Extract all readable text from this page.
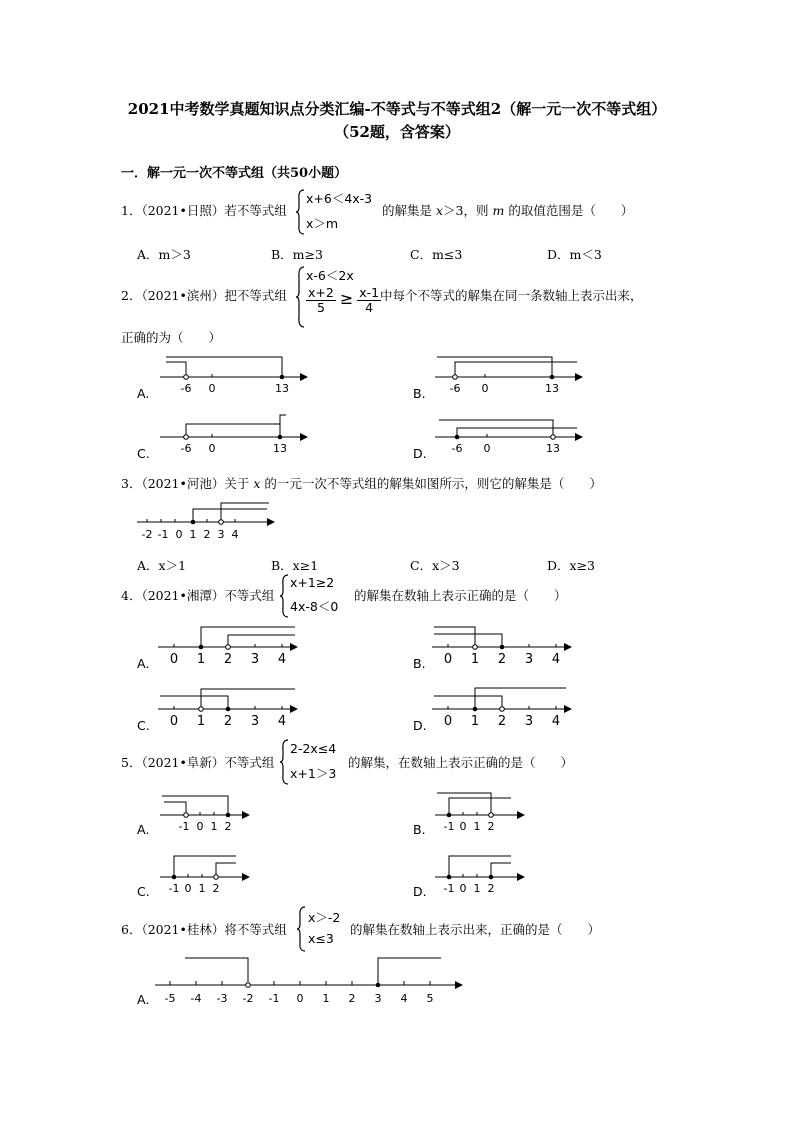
2021中考数学真题知识点分类汇编-不等式与不等式组2（解一元一次不等式组）
（52题，含答案）
一．解一元一次不等式组（共50小题）
1．（2021•日照）若不等式组
x+6＜4x-3
x＞m
的解集是 x＞3，则 m 的取值范围是（　　）
A．m＞3	B．m≥3	C．m≤3	D．m＜3
2．（2021•滨州）把不等式组
x-6＜2x
$\frac{x+2}{5} \ge \frac{x-1}{4}$
中每个不等式的解集在同一条数轴上表示出来，
正确的为（　　）
A.	-6 0	13	B. -6 0	13
C.	-6 0	13	D. -6 0	13
3．（2021•河池）关于 x 的一元一次不等式组的解集如图所示，则它的解集是（　　）
-2 -1 0 1 2 3 4
A．x＞1	B．x≥1	C．x＞3	D．x≥3
4．（2021•湘潭）不等式组
x+1≥2
4x-8＜0
的解集在数轴上表示正确的是（　　）
A. 0 1 2 3 4	B. 0 1 2 3 4
C. 0 1 2 3 4	D. 0 1 2 3 4
5．（2021•阜新）不等式组
2-2x≤4
x+1＞3
的解集，在数轴上表示正确的是（　　）
A.	-1 0 1 2	B. -1 0 1 2
C. -1 0 1 2	D. -1 0 1 2
6．（2021•桂林）将不等式组
x＞-2
x≤3
的解集在数轴上表示出来，正确的是（　　）
A. -5 -4 -3 -2 -1 0 1 2 3 4 5
